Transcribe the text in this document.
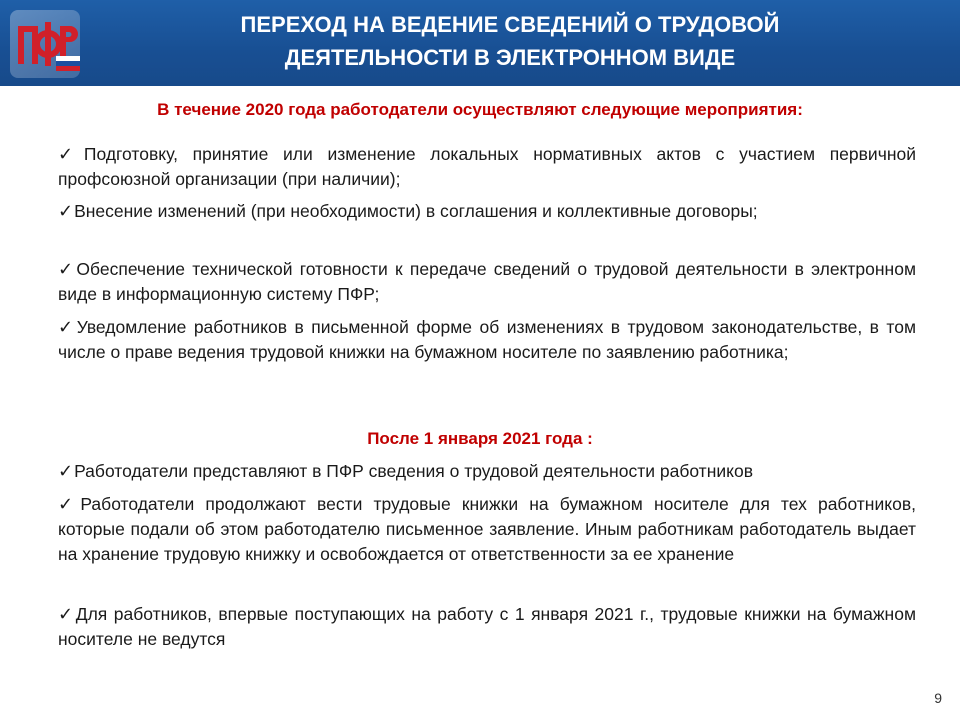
ПЕРЕХОД НА ВЕДЕНИЕ СВЕДЕНИЙ О ТРУДОВОЙ
ДЕЯТЕЛЬНОСТИ В ЭЛЕКТРОННОМ ВИДЕ
В течение 2020 года работодатели осуществляют следующие мероприятия:
✓Подготовку, принятие или изменение локальных нормативных актов с участием первичной профсоюзной организации (при наличии);
✓Внесение изменений (при необходимости) в соглашения и коллективные договоры;
✓Обеспечение технической готовности к передаче сведений о трудовой деятельности в электронном виде в информационную систему ПФР;
✓Уведомление работников в письменной форме об изменениях в трудовом законодательстве, в том числе о праве ведения трудовой книжки на бумажном носителе по заявлению работника;
После 1 января 2021 года :
✓Работодатели представляют в ПФР сведения о трудовой деятельности работников
✓Работодатели продолжают вести трудовые книжки на бумажном носителе для тех работников, которые подали об этом работодателю письменное заявление. Иным работникам работодатель выдает на хранение трудовую книжку и освобождается от ответственности за ее хранение
✓Для работников, впервые поступающих на работу с 1 января 2021 г., трудовые книжки на бумажном носителе не ведутся
9
